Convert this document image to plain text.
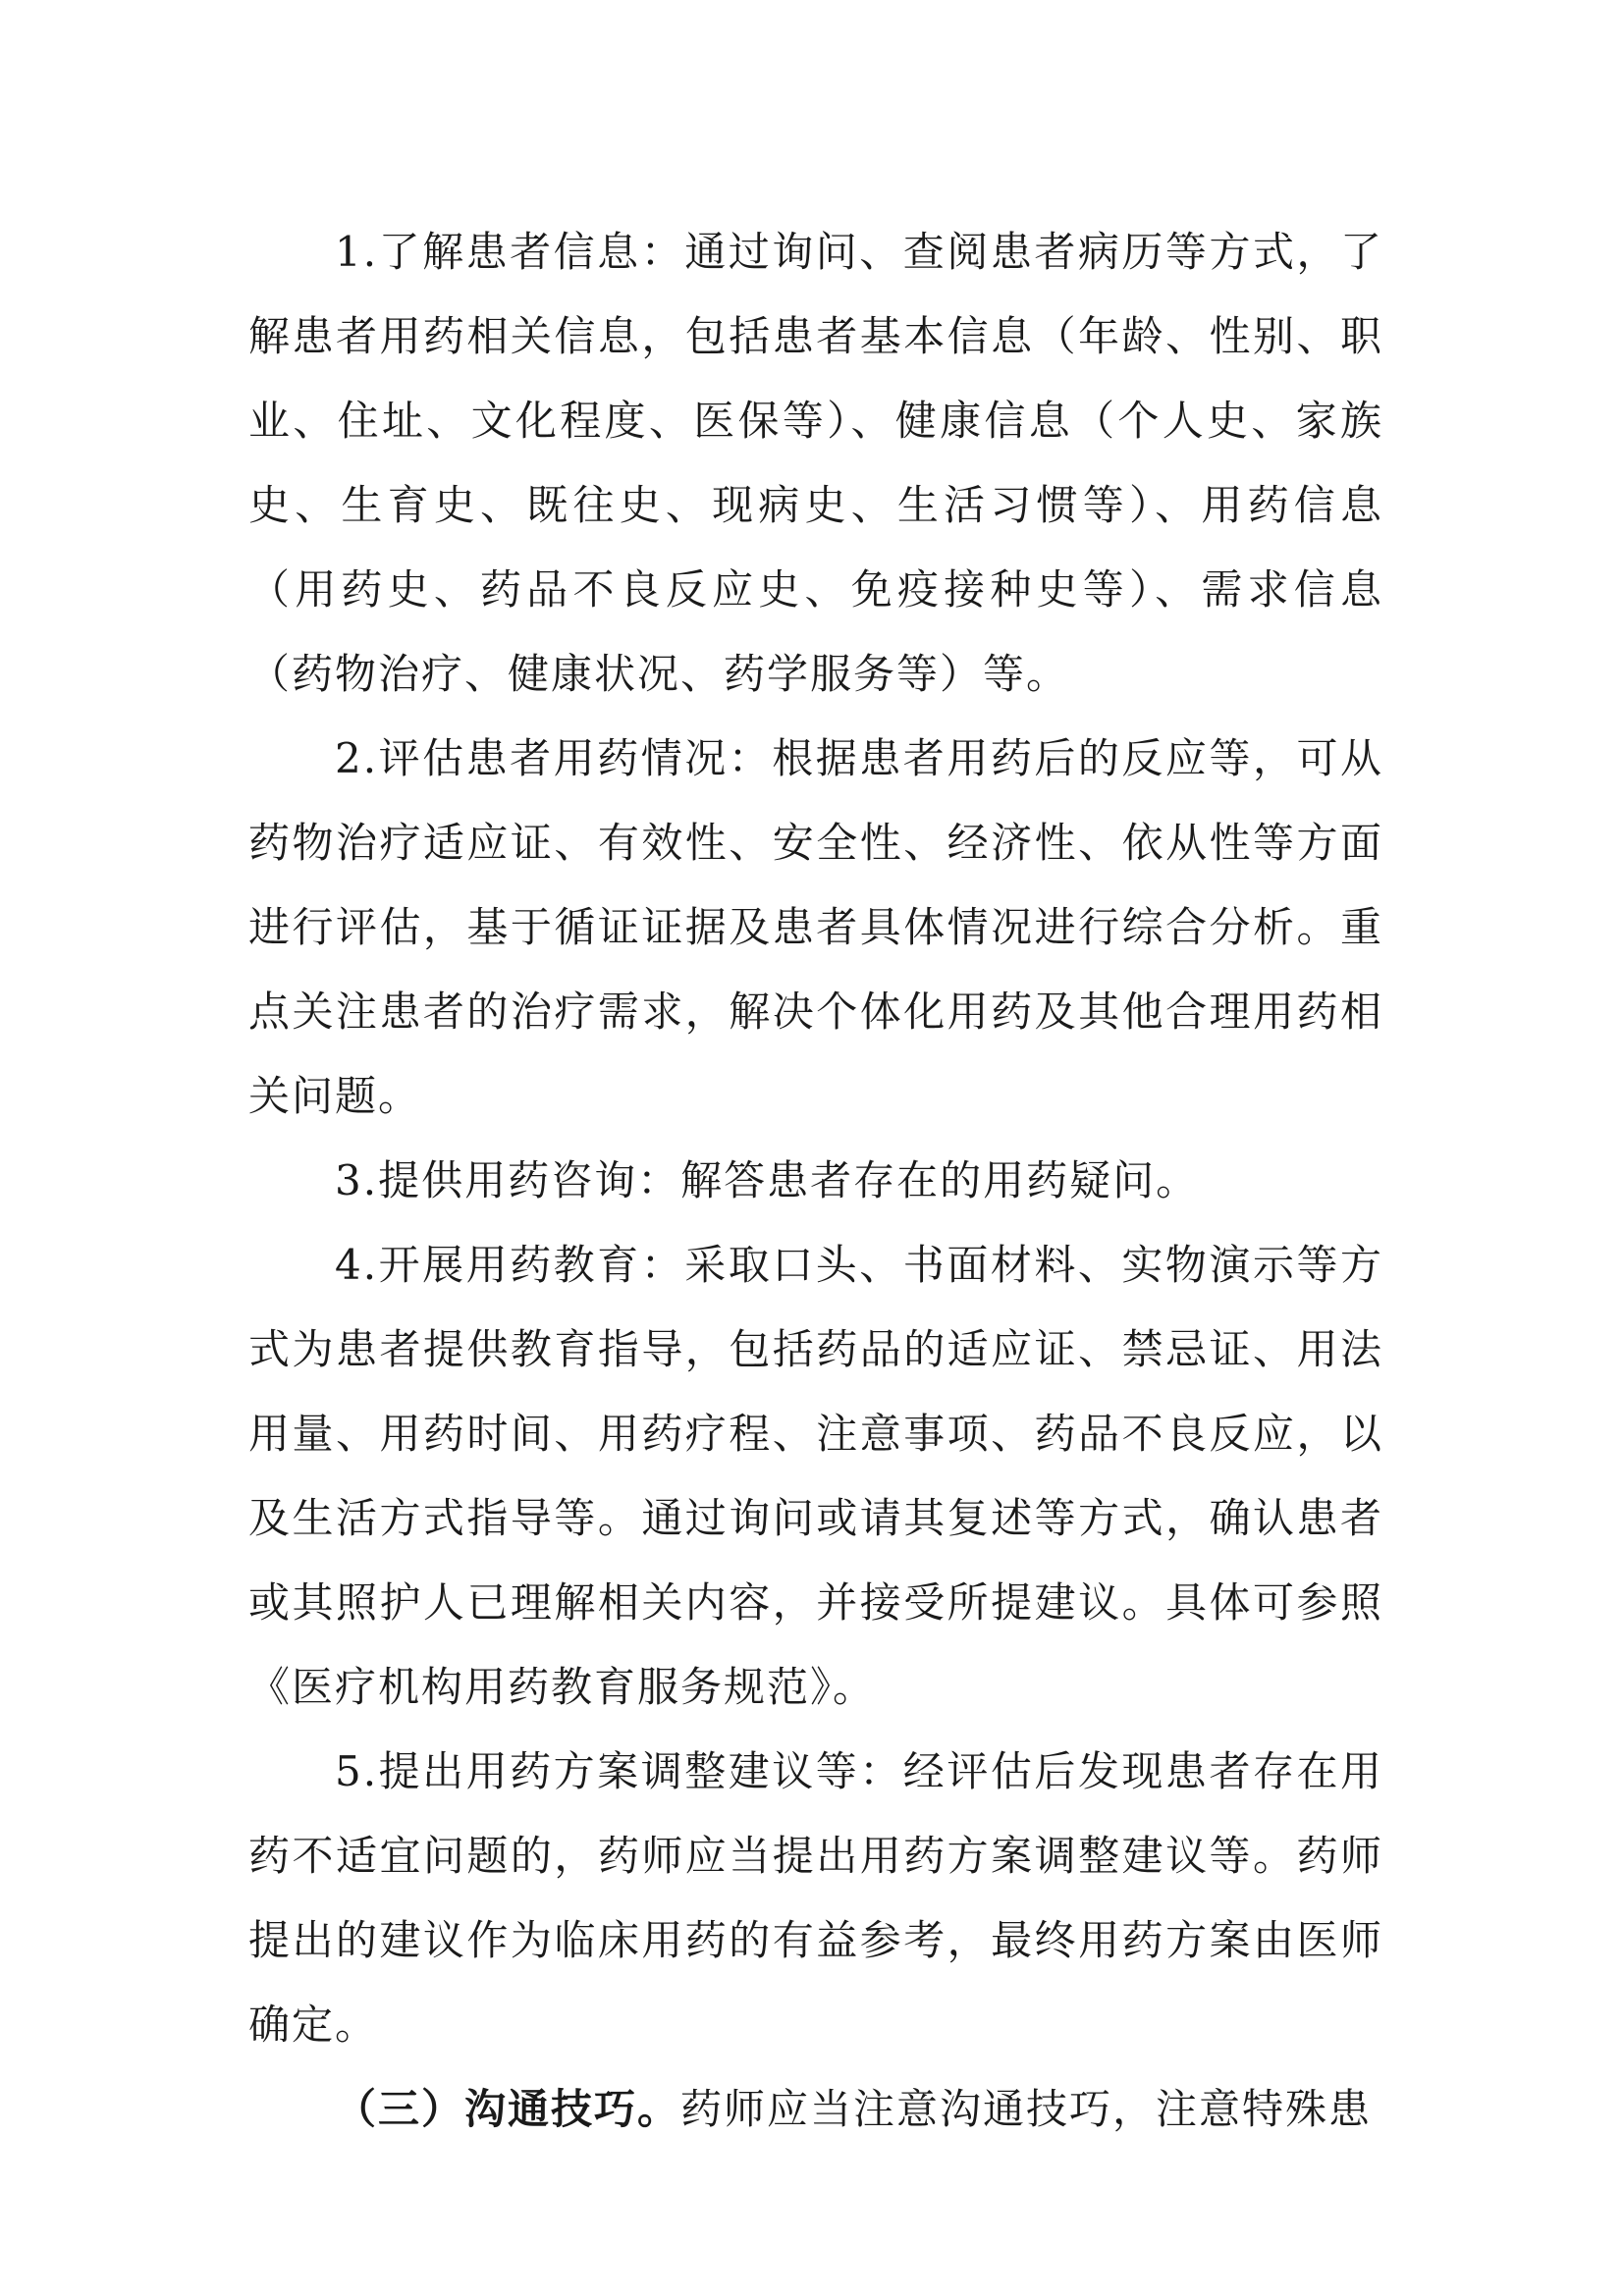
1.了解患者信息：通过询问、查阅患者病历等方式，了解患者用药相关信息，包括患者基本信息（年龄、性别、职业、住址、文化程度、医保等）、健康信息（个人史、家族史、生育史、既往史、现病史、生活习惯等）、用药信息（用药史、药品不良反应史、免疫接种史等）、需求信息（药物治疗、健康状况、药学服务等）等。

2.评估患者用药情况：根据患者用药后的反应等，可从药物治疗适应证、有效性、安全性、经济性、依从性等方面进行评估，基于循证证据及患者具体情况进行综合分析。重点关注患者的治疗需求，解决个体化用药及其他合理用药相关问题。

3.提供用药咨询：解答患者存在的用药疑问。

4.开展用药教育：采取口头、书面材料、实物演示等方式为患者提供教育指导，包括药品的适应证、禁忌证、用法用量、用药时间、用药疗程、注意事项、药品不良反应，以及生活方式指导等。通过询问或请其复述等方式，确认患者或其照护人已理解相关内容，并接受所提建议。具体可参照《医疗机构用药教育服务规范》。

5.提出用药方案调整建议等：经评估后发现患者存在用药不适宜问题的，药师应当提出用药方案调整建议等。药师提出的建议作为临床用药的有益参考，最终用药方案由医师确定。

（三）沟通技巧。药师应当注意沟通技巧，注意特殊患
